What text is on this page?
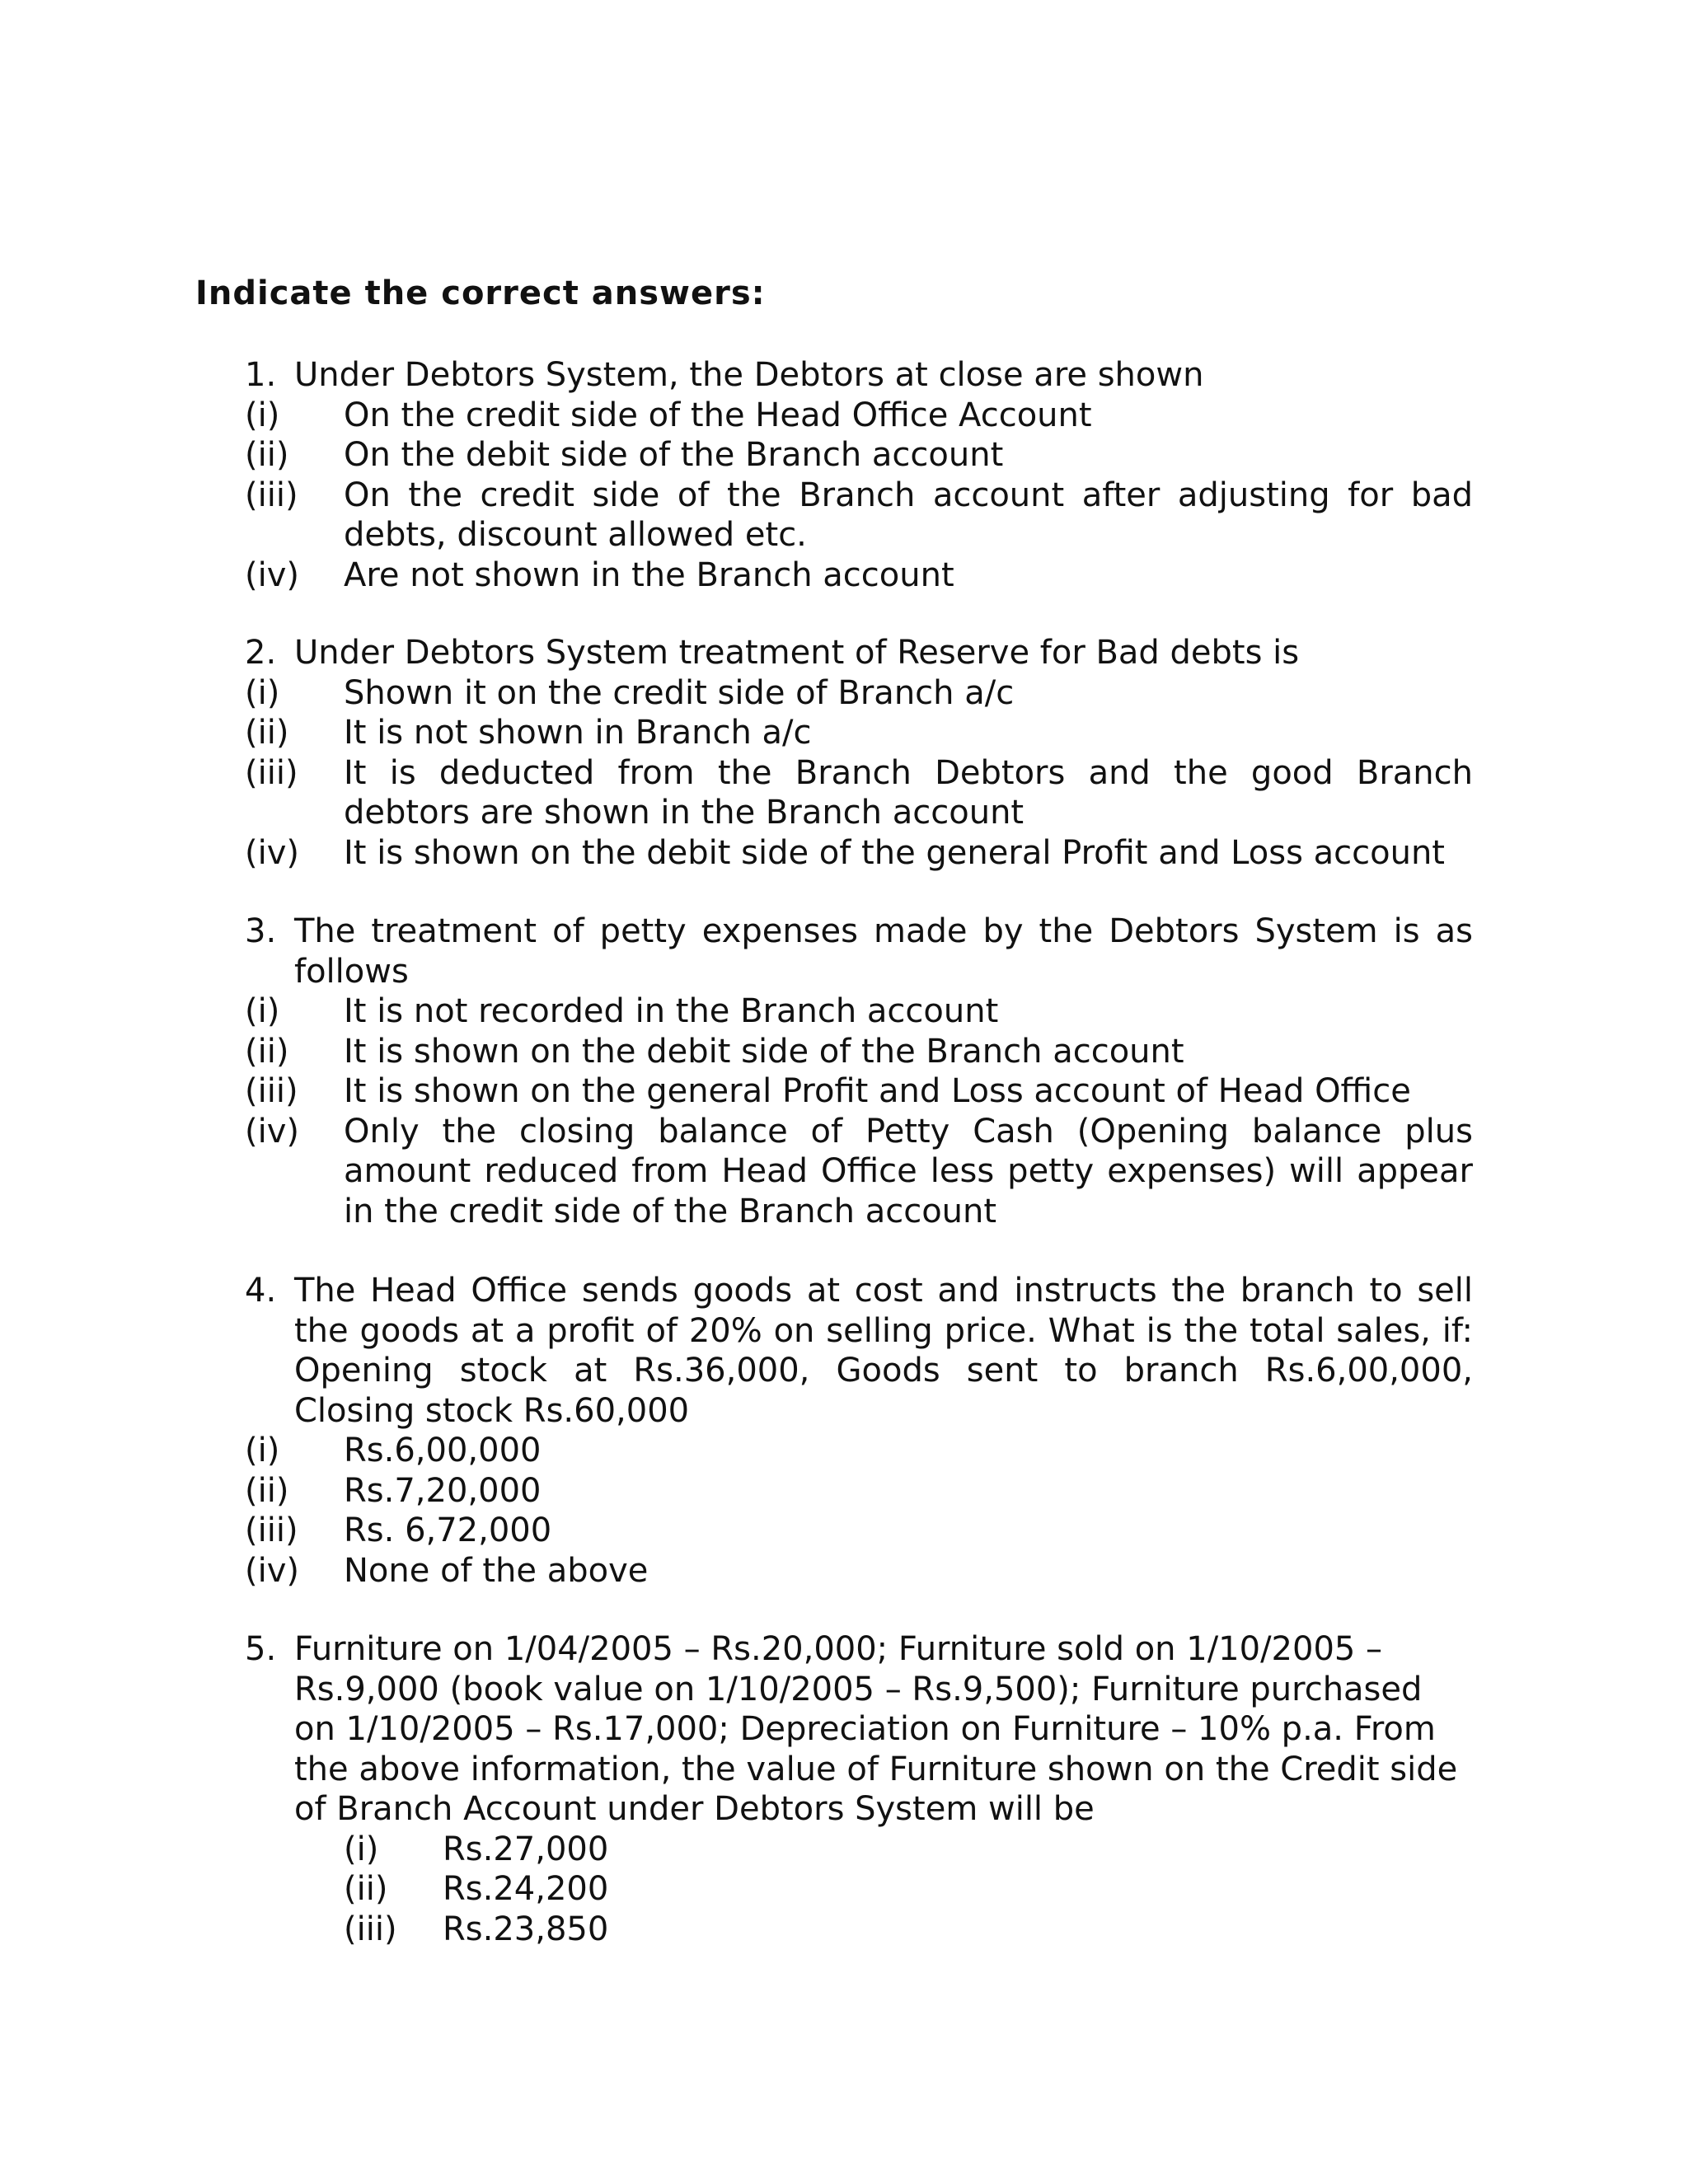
Indicate the correct answers:
1. Under Debtors System, the Debtors at close are shown
(i)	On the credit side of the Head Office Account
(ii)	On the debit side of the Branch account
(iii)	On the credit side of the Branch account after adjusting for bad debts, discount allowed etc.
(iv)	Are not shown in the Branch account
2. Under Debtors System treatment of Reserve for Bad debts is
(i)	Shown it on the credit side of Branch a/c
(ii)	It is not shown in Branch a/c
(iii)	It is deducted from the Branch Debtors and the good Branch debtors are shown in the Branch account
(iv)	It is shown on the debit side of the general Profit and Loss account
3. The treatment of petty expenses made by the Debtors System is as follows
(i)	It is not recorded in the Branch account
(ii)	It is shown on the debit side of the Branch account
(iii)	It is shown on the general Profit and Loss account of Head Office
(iv)	Only the closing balance of Petty Cash (Opening balance plus amount reduced from Head Office less petty expenses) will appear in the credit side of the Branch account
4. The Head Office sends goods at cost and instructs the branch to sell the goods at a profit of 20% on selling price. What is the total sales, if: Opening stock at Rs.36,000, Goods sent to branch Rs.6,00,000, Closing stock Rs.60,000
(i)	Rs.6,00,000
(ii)	Rs.7,20,000
(iii)	Rs. 6,72,000
(iv)	None of the above
5. Furniture on 1/04/2005 – Rs.20,000; Furniture sold on 1/10/2005 – Rs.9,000 (book value on 1/10/2005 – Rs.9,500); Furniture purchased on 1/10/2005 – Rs.17,000; Depreciation on Furniture – 10% p.a. From the above information, the value of Furniture shown on the Credit side of Branch Account under Debtors System will be
(i)	Rs.27,000
(ii)	Rs.24,200
(iii)	Rs.23,850
